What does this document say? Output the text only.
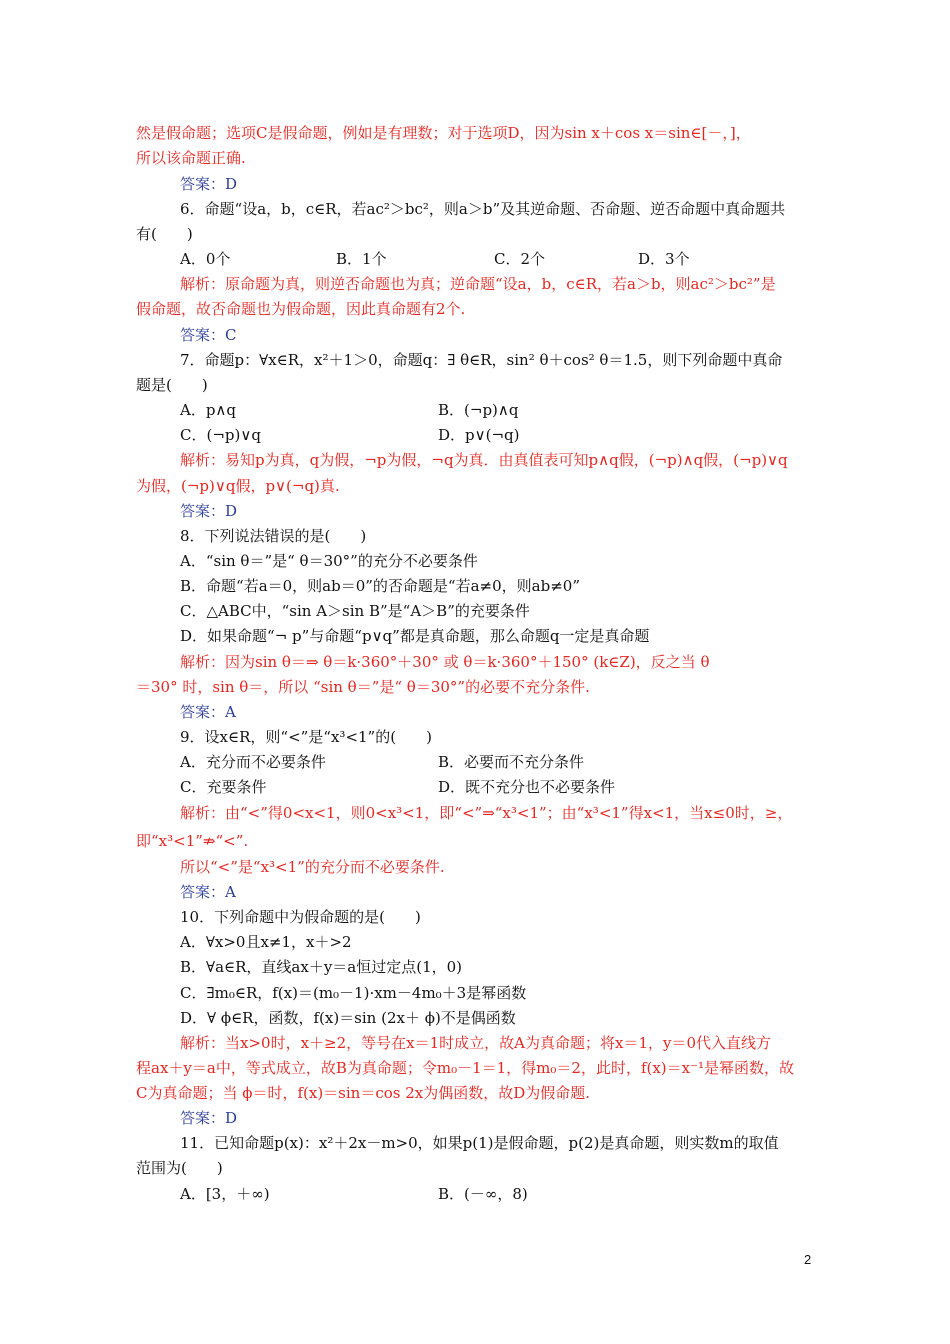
然是假命题；选项C是假命题，例如是有理数；对于选项D，因为sin x＋cos x＝sin∈[－，]，
所以该命题正确.
答案：D
6．命题“设a，b，c∈R，若ac²＞bc²，则a＞b”及其逆命题、否命题、逆否命题中真命题共
有(　　)
A．0个	B．1个	C．2个	D．3个
解析：原命题为真，则逆否命题也为真；逆命题“设a，b，c∈R，若a＞b，则ac²＞bc²”是
假命题，故否命题也为假命题，因此真命题有2个.
答案：C
7．命题p：∀x∈R，x²＋1＞0，命题q：∃ θ∈R，sin² θ＋cos² θ＝1.5，则下列命题中真命
题是(　　)
A．p∧q	B．(¬p)∧q
C．(¬p)∨q	D．p∨(¬q)
解析：易知p为真，q为假，¬p为假，¬q为真．由真值表可知p∧q假，(¬p)∧q假，(¬p)∨q
为假，(¬p)∨q假，p∨(¬q)真.
答案：D
8．下列说法错误的是(　　)
A．“sin θ＝”是“ θ＝30°”的充分不必要条件
B．命题“若a＝0，则ab＝0”的否命题是“若a≠0，则ab≠0”
C．△ABC中，“sin A＞sin B”是“A＞B”的充要条件
D．如果命题“¬ p”与命题“p∨q”都是真命题，那么命题q一定是真命题
解析：因为sin θ＝⇒ θ＝k·360°＋30° 或 θ＝k·360°＋150° (k∈Z)，反之当 θ
＝30° 时，sin θ＝，所以 “sin θ＝”是“ θ＝30°”的必要不充分条件.
答案：A
9．设x∈R，则“<”是“x³<1”的(　　)
A．充分而不必要条件	B．必要而不充分条件
C．充要条件	D．既不充分也不必要条件
解析：由“<”得0<x<1，则0<x³<1，即“<”⇒“x³<1”；由“x³<1”得x<1，当x≤0时，≥，
即“x³<1”⇏“<”.
所以“<”是“x³<1”的充分而不必要条件.
答案：A
10．下列命题中为假命题的是(　　)
A．∀x>0且x≠1，x＋>2
B．∀a∈R，直线ax＋y＝a恒过定点(1，0)
C．∃m₀∈R，f(x)＝(m₀－1)·xm－4m₀＋3是幂函数
D．∀ ϕ∈R，函数，f(x)＝sin (2x＋ ϕ)不是偶函数
解析：当x>0时，x＋≥2，等号在x＝1时成立，故A为真命题；将x＝1，y＝0代入直线方
程ax＋y＝a中，等式成立，故B为真命题；令m₀－1＝1，得m₀＝2，此时，f(x)＝x⁻¹是幂函数，故
C为真命题；当 ϕ＝时，f(x)＝sin＝cos 2x为偶函数，故D为假命题.
答案：D
11．已知命题p(x)：x²＋2x－m>0，如果p(1)是假命题，p(2)是真命题，则实数m的取值
范围为(　　)
A．[3，＋∞)	B．(－∞，8)
2
